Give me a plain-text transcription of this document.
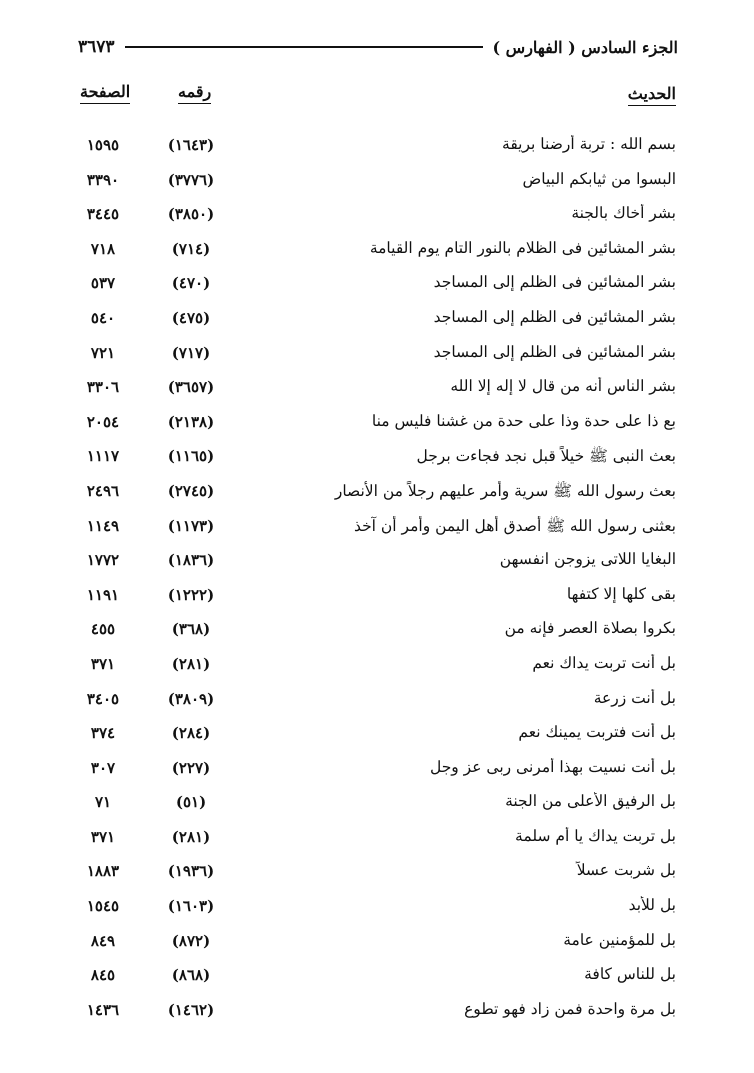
الجزء السادس ( الفهارس )
٣٦٧٣
الحديث
رقمه
الصفحة
بسم الله : تربة أرضنا بريقة
(١٦٤٣)
١٥٩٥
البسوا من ثيابكم البياض
(٣٧٧٦)
٣٣٩٠
بشر أخاك بالجنة
(٣٨٥٠)
٣٤٤٥
بشر المشائين فى الظلام بالنور التام يوم القيامة
(٧١٤)
٧١٨
بشر المشائين فى الظلم إلى المساجد
(٤٧٠)
٥٣٧
بشر المشائين فى الظلم إلى المساجد
(٤٧٥)
٥٤٠
بشر المشائين فى الظلم إلى المساجد
(٧١٧)
٧٢١
بشر الناس أنه من قال لا إله إلا الله
(٣٦٥٧)
٣٣٠٦
بع ذا على حدة وذا على حدة من غشنا فليس منا
(٢١٣٨)
٢٠٥٤
بعث النبى ﷺ خيلاً قبل نجد فجاءت برجل
(١١٦٥)
١١١٧
بعث رسول الله ﷺ سرية وأمر عليهم رجلاً من الأنصار
(٢٧٤٥)
٢٤٩٦
بعثنى رسول الله ﷺ أصدق أهل اليمن وأمر أن آخذ
(١١٧٣)
١١٤٩
البغايا اللاتى يزوجن انفسهن
(١٨٣٦)
١٧٧٢
بقى كلها إلا كتفها
(١٢٢٢)
١١٩١
بكروا بصلاة العصر فإنه من
(٣٦٨)
٤٥٥
بل أنت تربت يداك نعم
(٢٨١)
٣٧١
بل أنت زرعة
(٣٨٠٩)
٣٤٠٥
بل أنت فتربت يمينك نعم
(٢٨٤)
٣٧٤
بل أنت نسيت بهذا أمرنى ربى عز وجل
(٢٢٧)
٣٠٧
بل الرفيق الأعلى من الجنة
(٥١)
٧١
بل تربت يداك يا أم سلمة
(٢٨١)
٣٧١
بل شربت عسلاً
(١٩٣٦)
١٨٨٣
بل للأبد
(١٦٠٣)
١٥٤٥
بل للمؤمنين عامة
(٨٧٢)
٨٤٩
بل للناس كافة
(٨٦٨)
٨٤٥
بل مرة واحدة فمن زاد فهو تطوع
(١٤٦٢)
١٤٣٦
